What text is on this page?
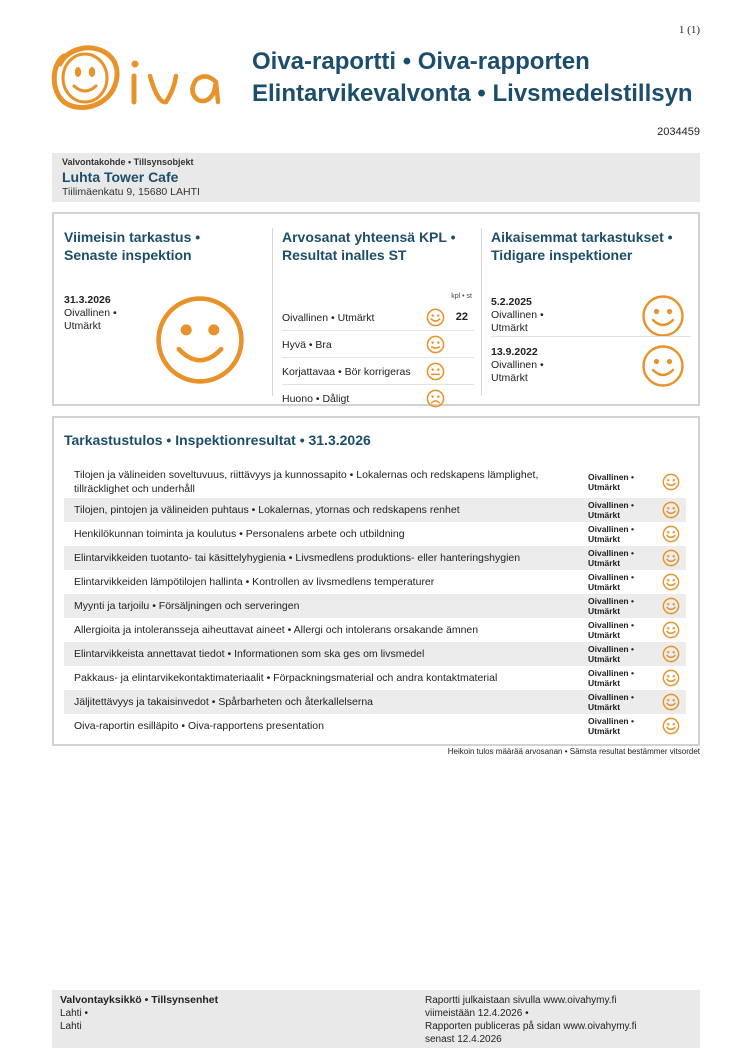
1 (1)
Oiva-raportti • Oiva-rapporten
Elintarvikevalvonta • Livsmedelstillsyn
2034459
Valvontakohde • Tillsynsobjekt
Luhta Tower Cafe
Tiilimäenkatu 9, 15680 LAHTI
Viimeisin tarkastus •
Senaste inspektion
31.3.2026
Oivallinen •
Utmärkt
Arvosanat yhteensä KPL •
Resultat inalles ST
kpl • st
Oivallinen • Utmärkt	22
Hyvä • Bra
Korjattavaa • Bör korrigeras
Huono • Dåligt
Aikaisemmat tarkastukset •
Tidigare inspektioner
5.2.2025
Oivallinen •
Utmärkt
13.9.2022
Oivallinen •
Utmärkt
Tarkastustulos • Inspektionresultat • 31.3.2026
Tilojen ja välineiden soveltuvuus, riittävyys ja kunnossapito • Lokalernas och redskapens lämplighet, tillräcklighet och underhåll
Oivallinen •
Utmärkt
Tilojen, pintojen ja välineiden puhtaus • Lokalernas, ytornas och redskapens renhet	Oivallinen •
Utmärkt
Henkilökunnan toiminta ja koulutus • Personalens arbete och utbildning	Oivallinen •
Utmärkt
Elintarvikkeiden tuotanto- tai käsittelyhygienia • Livsmedlens produktions- eller hanteringshygien	Oivallinen •
Utmärkt
Elintarvikkeiden lämpötilojen hallinta • Kontrollen av livsmedlens temperaturer	Oivallinen •
Utmärkt
Myynti ja tarjoilu • Försäljningen och serveringen	Oivallinen •
Utmärkt
Allergioita ja intoleransseja aiheuttavat aineet • Allergi och intolerans orsakande ämnen	Oivallinen •
Utmärkt
Elintarvikkeista annettavat tiedot • Informationen som ska ges om livsmedel	Oivallinen •
Utmärkt
Pakkaus- ja elintarvikekontaktimateriaalit • Förpackningsmaterial och andra kontaktmaterial	Oivallinen •
Utmärkt
Jäljitettävyys ja takaisinvedot • Spårbarheten och återkallelserna	Oivallinen •
Utmärkt
Oiva-raportin esilläpito • Oiva-rapportens presentation	Oivallinen •
Utmärkt
Heikoin tulos määrää arvosanan • Sämsta resultat bestämmer vitsordet
Valvontayksikkö • Tillsynsenhet
Lahti •
Lahti
Raportti julkaistaan sivulla www.oivahymy.fi
viimeistään 12.4.2026 •
Rapporten publiceras på sidan www.oivahymy.fi
senast 12.4.2026
